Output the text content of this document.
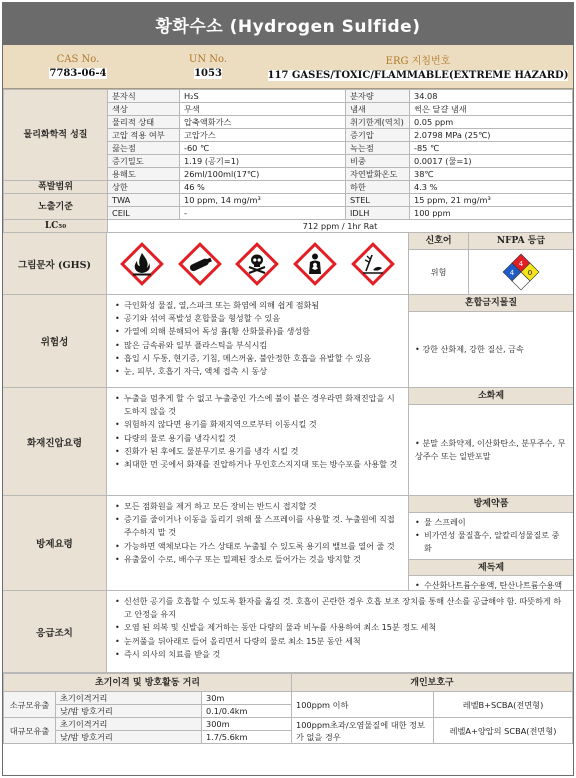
황화수소 (Hydrogen Sulfide)
CAS No.
7783-06-4
UN No.
1053
ERG 지침번호
117 GASES/TOXIC/FLAMMABLE(EXTREME HAZARD)
물리화학적 성질	분자식	H₂S	분자량	34.08
	색상	무색	냄새	썩은 달걀 냄새
	물리적 상태	압축액화가스	취기한계(역치)	0.05 ppm
	고압 적용 여부	고압가스	증기압	2.0798 MPa (25℃)
	끓는점	-60 ℃	녹는점	-85 ℃
	증기밀도	1.19 (공기=1)	비중	0.0017 (물=1)
	용해도	26ml/100ml(17℃)	자연발화온도	38℃
폭발범위	상한	46 %	하한	4.3 %
노출기준	TWA	10 ppm, 14 mg/m³	STEL	15 ppm, 21 mg/m³
	CEIL	-	IDLH	100 ppm
LC₅₀	712 ppm / 1hr Rat			
그림문자 (GHS)
신호어
위험
NFPA 등급
4
4 0
위험성
• 극인화성 물질, 열,스파크 또는 화염에 의해 쉽게 점화됨
• 공기와 섞여 폭발성 혼합물을 형성할 수 있음
• 가열에 의해 분해되어 독성 흄(황 산화물류)를 생성함
• 많은 금속류와 일부 플라스틱을 부식시킴
• 흡입 시 두통, 현기증, 기침, 메스꺼움, 불안정한 호흡을 유발할 수 있음
• 눈, 피부, 호흡기 자극, 액체 접촉 시 동상
혼합금지물질
• 강한 산화제, 강한 질산, 금속
화재진압요령
• 누출을 멈추게 할 수 없고 누출중인 가스에 불이 붙은 경우라면 화재진압을 시도하지 않을 것
• 위험하지 않다면 용기를 화재지역으로부터 이동시킬 것
• 다량의 물로 용기를 냉각시킬 것
• 진화가 된 후에도 물분무기로 용기를 냉각 시킬 것
• 최대한 먼 곳에서 화재를 진압하거나 무인호스지지대 또는 방수포를 사용할 것
소화제
• 분말 소화약제, 이산화탄소, 분무주수, 무상주수 또는 일반포말
방제요령
• 모든 점화원을 제거 하고 모든 장비는 반드시 접지할 것
• 증기를 줄이거나 이동을 돌리기 위해 물 스프레이를 사용할 것. 누출원에 직접 주수하지 말 것
• 가능하면 액체보다는 가스 상태로 누출될 수 있도록 용기의 밸브를 열어 줄 것
• 유출물이 수로, 배수구 또는 밀폐된 장소로 들어가는 것을 방지할 것
방제약품
• 물 스프레이
• 비가연성 물질흡수, 알칼리성물질로 중화
제독제
• 수산화나트륨수용액, 탄산나트륨수용액
응급조치
• 신선한 공기를 호흡할 수 있도록 환자를 옮길 것. 호흡이 곤란한 경우 호흡 보조 장치를 통해 산소를 공급해야 함. 따뜻하게 하고 안정을 유지
• 오염 된 의복 및 신발을 제거하는 동안 다량의 물과 비누를 사용하여 최소 15분 정도 세척
• 눈꺼풀을 뒤아래로 들어 올리면서 다량의 물로 최소 15분 동안 세척
• 즉시 의사의 치료를 받을 것
초기이격 및 방호활동 거리			개인보호구	
소규모유출	초기이격거리	30m	100ppm 이하	레벨B+SCBA(전면형)
	낮/밤 방호거리	0.1/0.4km		
대규모유출	초기이격거리	300m	100ppm초과/오염물질에 대한 정보가 없을 경우	레벨A+양압의 SCBA(전면형)
	낮/밤 방호거리	1.7/5.6km		
